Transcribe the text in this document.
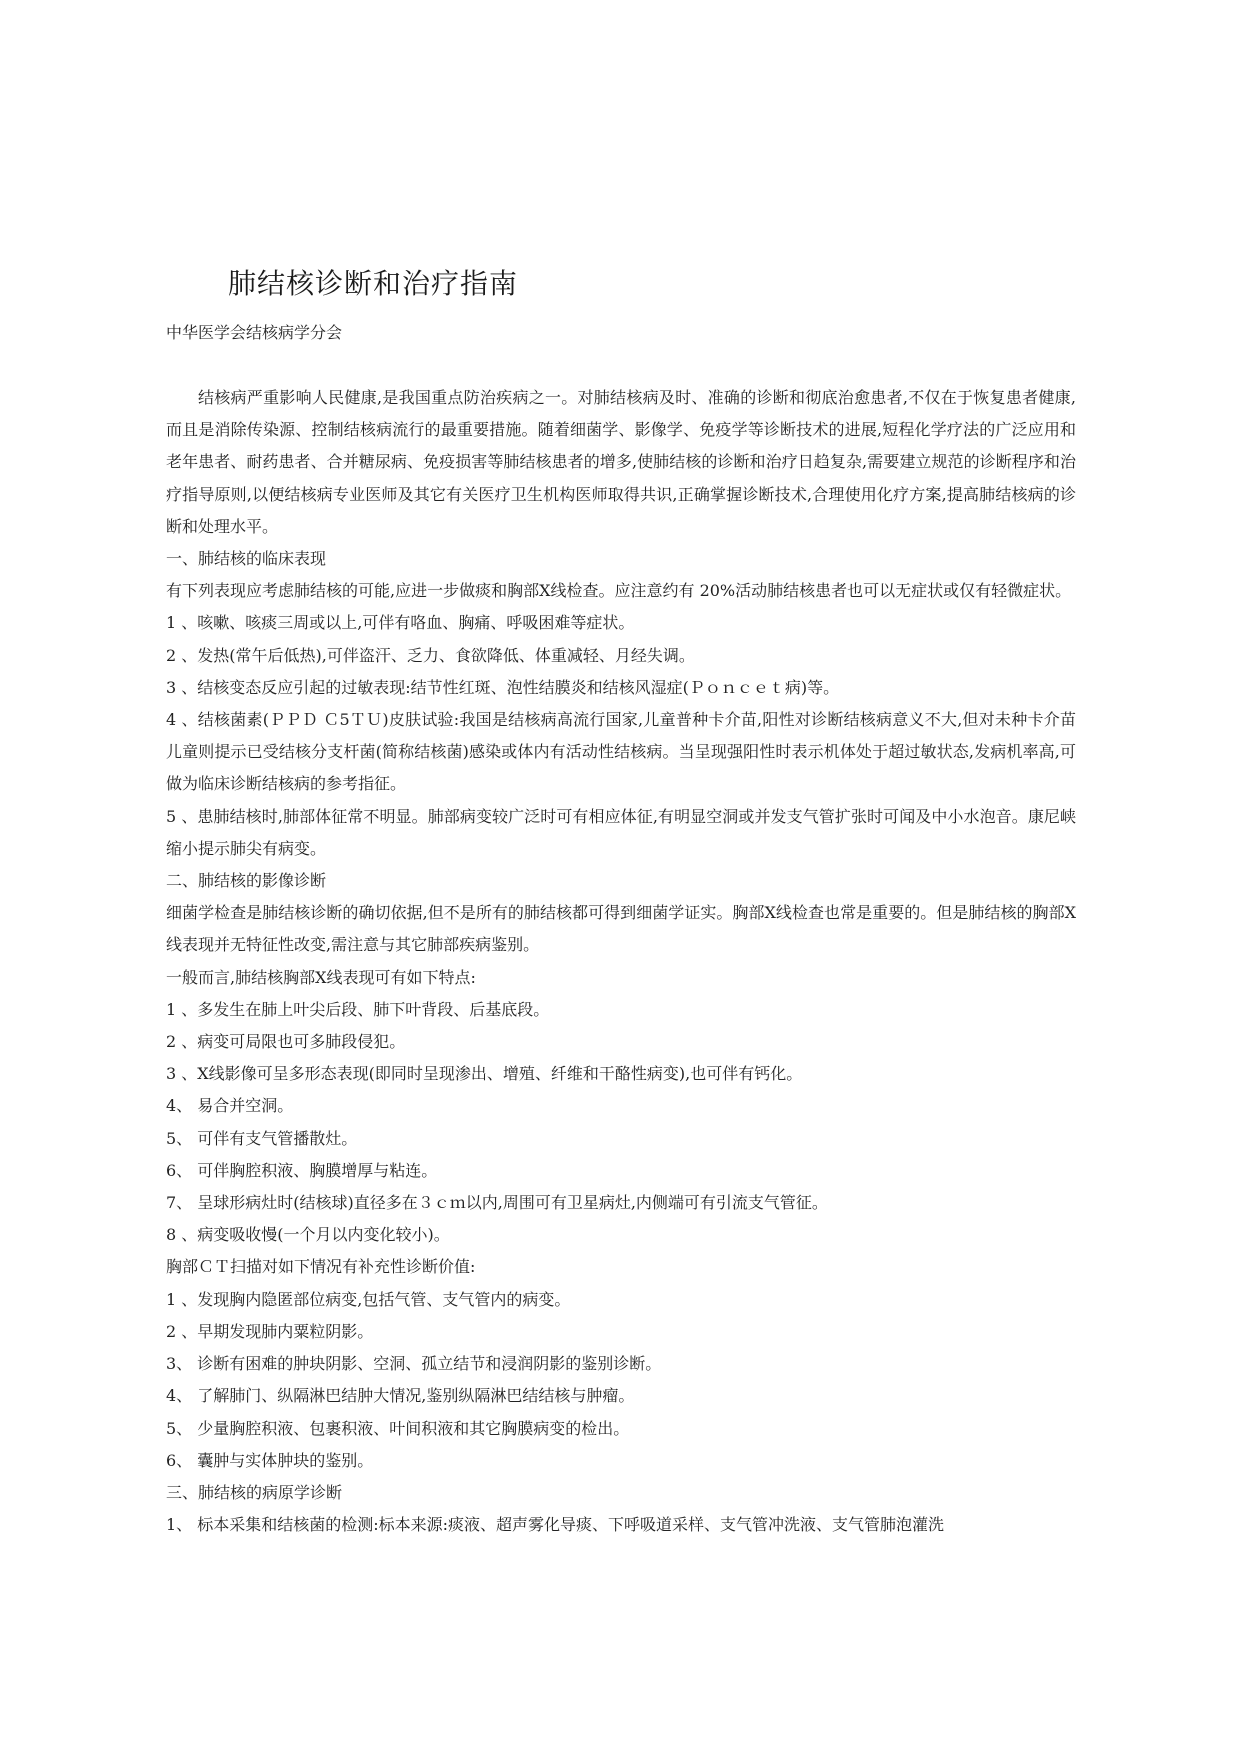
肺结核诊断和治疗指南
中华医学会结核病学分会

结核病严重影响人民健康,是我国重点防治疾病之一。对肺结核病及时、准确的诊断和彻底治愈患者,不仅在于恢复患者健康,而且是消除传染源、控制结核病流行的最重要措施。随着细菌学、影像学、免疫学等诊断技术的进展,短程化学疗法的广泛应用和老年患者、耐药患者、合并糖尿病、免疫损害等肺结核患者的增多,使肺结核的诊断和治疗日趋复杂,需要建立规范的诊断程序和治疗指导原则,以便结核病专业医师及其它有关医疗卫生机构医师取得共识,正确掌握诊断技术,合理使用化疗方案,提高肺结核病的诊断和处理水平。

一、肺结核的临床表现

有下列表现应考虑肺结核的可能,应进一步做痰和胸部X线检查。应注意约有 20%活动肺结核患者也可以无症状或仅有轻微症状。

1 、咳嗽、咳痰三周或以上,可伴有咯血、胸痛、呼吸困难等症状。

2 、发热(常午后低热),可伴盗汗、乏力、食欲降低、体重减轻、月经失调。

3 、结核变态反应引起的过敏表现:结节性红斑、泡性结膜炎和结核风湿症(Ｐｏｎｃｅｔ病)等。

4 、结核菌素(ＰＰＤ Ｃ5ＴＵ)皮肤试验:我国是结核病高流行国家,儿童普种卡介苗,阳性对诊断结核病意义不大,但对未种卡介苗儿童则提示已受结核分支杆菌(简称结核菌)感染或体内有活动性结核病。当呈现强阳性时表示机体处于超过敏状态,发病机率高,可做为临床诊断结核病的参考指征。

5 、患肺结核时,肺部体征常不明显。肺部病变较广泛时可有相应体征,有明显空洞或并发支气管扩张时可闻及中小水泡音。康尼峡缩小提示肺尖有病变。

二、肺结核的影像诊断

细菌学检查是肺结核诊断的确切依据,但不是所有的肺结核都可得到细菌学证实。胸部X线检查也常是重要的。但是肺结核的胸部X线表现并无特征性改变,需注意与其它肺部疾病鉴别。

一般而言,肺结核胸部X线表现可有如下特点:

1 、多发生在肺上叶尖后段、肺下叶背段、后基底段。

2 、病变可局限也可多肺段侵犯。

3 、X线影像可呈多形态表现(即同时呈现渗出、增殖、纤维和干酪性病变),也可伴有钙化。

4、 易合并空洞。

5、 可伴有支气管播散灶。

6、 可伴胸腔积液、胸膜增厚与粘连。

7、 呈球形病灶时(结核球)直径多在３ｃｍ以内,周围可有卫星病灶,内侧端可有引流支气管征。

8 、病变吸收慢(一个月以内变化较小)。

胸部ＣＴ扫描对如下情况有补充性诊断价值:

1 、发现胸内隐匿部位病变,包括气管、支气管内的病变。

2 、早期发现肺内粟粒阴影。

3、 诊断有困难的肿块阴影、空洞、孤立结节和浸润阴影的鉴别诊断。

4、 了解肺门、纵隔淋巴结肿大情况,鉴别纵隔淋巴结结核与肿瘤。

5、 少量胸腔积液、包裹积液、叶间积液和其它胸膜病变的检出。

6、 囊肿与实体肿块的鉴别。

三、肺结核的病原学诊断

1、 标本采集和结核菌的检测:标本来源:痰液、超声雾化导痰、下呼吸道采样、支气管冲洗液、支气管肺泡灌洗
